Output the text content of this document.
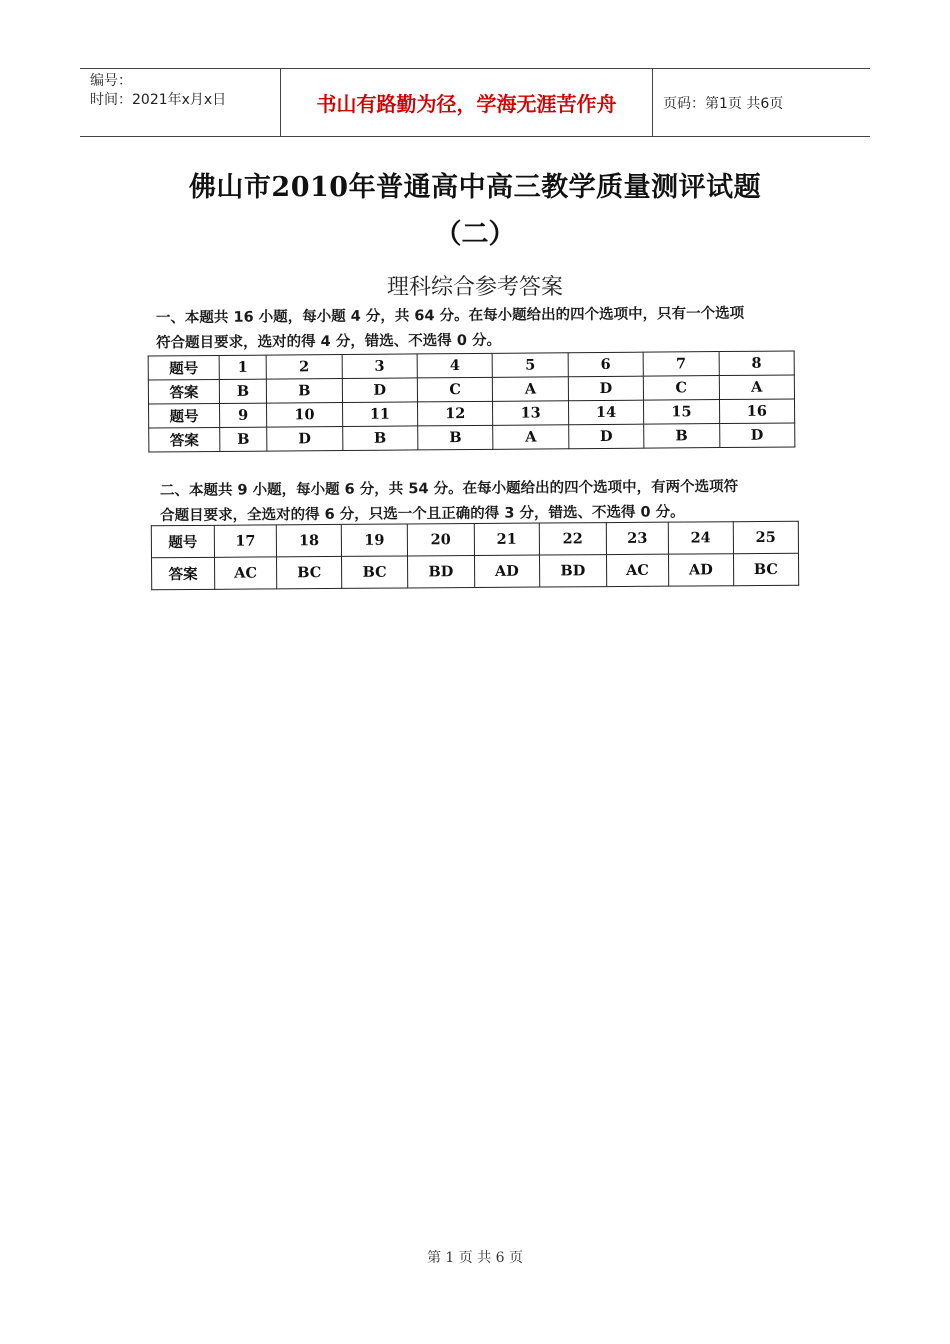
编号：
时间：2021年x月x日	书山有路勤为径，学海无涯苦作舟	页码：第1页 共6页
佛山市2010年普通高中高三教学质量测评试题
（二）
理科综合参考答案
一、本题共 16 小题，每小题 4 分，共 64 分。在每小题给出的四个选项中，只有一个选项
符合题目要求，选对的得 4 分，错选、不选得 0 分。
题号	1	2	3	4	5	6	7	8
答案	B	B	D	C	A	D	C	A
题号	9	10	11	12	13	14	15	16
答案	B	D	B	B	A	D	B	D
二、本题共 9 小题，每小题 6 分，共 54 分。在每小题给出的四个选项中，有两个选项符
合题目要求，全选对的得 6 分，只选一个且正确的得 3 分，错选、不选得 0 分。
题号	17	18	19	20	21	22	23	24	25
答案	AC	BC	BC	BD	AD	BD	AC	AD	BC
第 1 页 共 6 页
